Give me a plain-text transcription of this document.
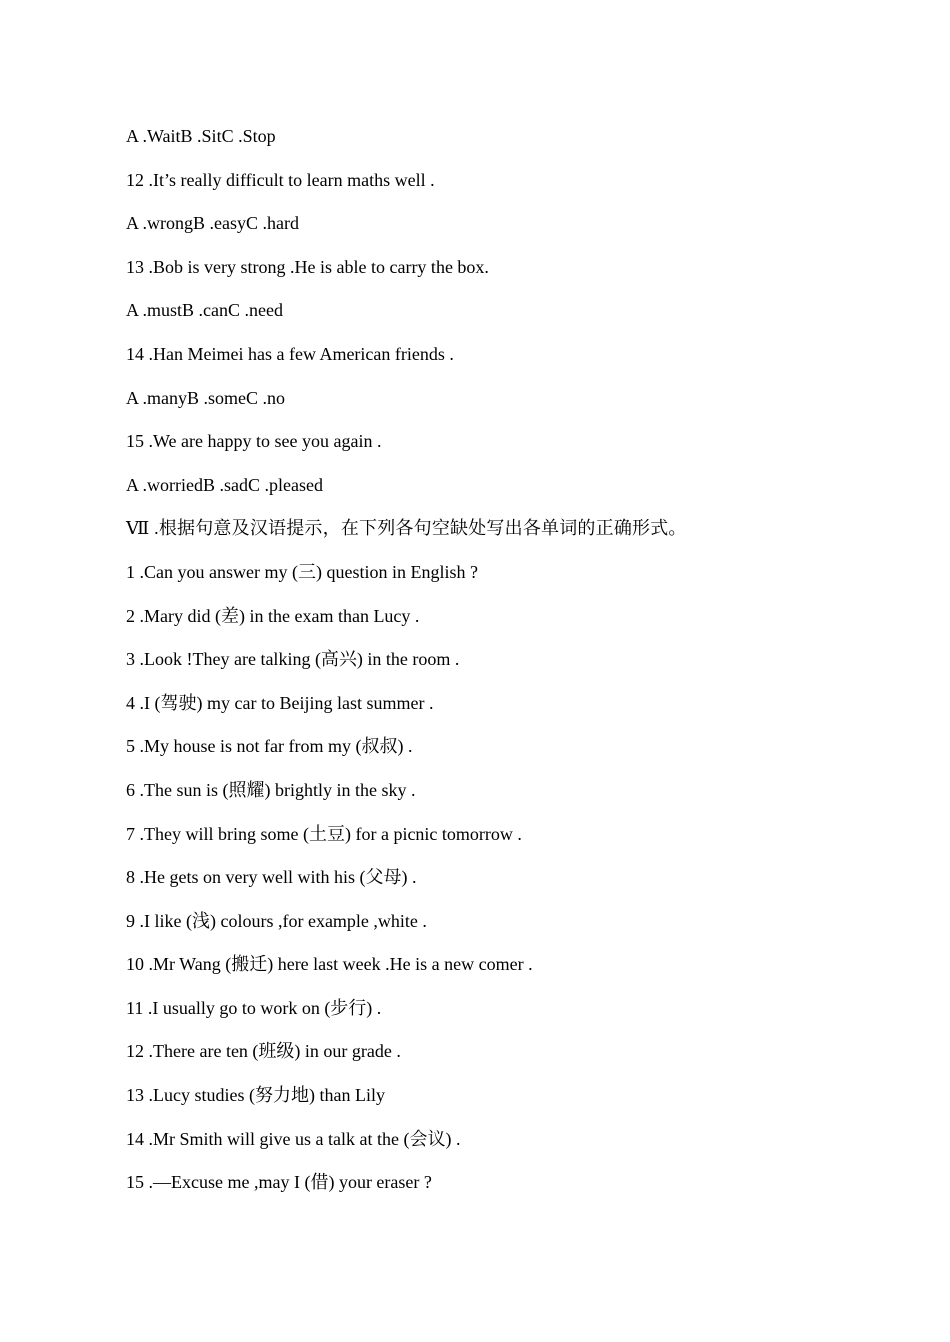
A .WaitB .SitC .Stop
12 .It’s really difficult to learn maths well .
A .wrongB .easyC .hard
13 .Bob is very strong .He is able to carry the box.
A .mustB .canC .need
14 .Han Meimei has a few American friends .
A .manyB .someC .no
15 .We are happy to see you again .
A .worriedB .sadC .pleased
Ⅶ .根据句意及汉语提示，在下列各句空缺处写出各单词的正确形式。
1 .Can you answer my (三) question in English ?
2 .Mary did (差) in the exam than Lucy .
3 .Look !They are talking (高兴) in the room .
4 .I (驾驶) my car to Beijing last summer .
5 .My house is not far from my (叔叔) .
6 .The sun is (照耀) brightly in the sky .
7 .They will bring some (土豆) for a picnic tomorrow .
8 .He gets on very well with his (父母) .
9 .I like (浅) colours ,for example ,white .
10 .Mr Wang (搬迁) here last week .He is a new comer .
11 .I usually go to work on (步行) .
12 .There are ten (班级) in our grade .
13 .Lucy studies (努力地) than Lily
14 .Mr Smith will give us a talk at the (会议) .
15 .—Excuse me ,may I (借) your eraser ?
